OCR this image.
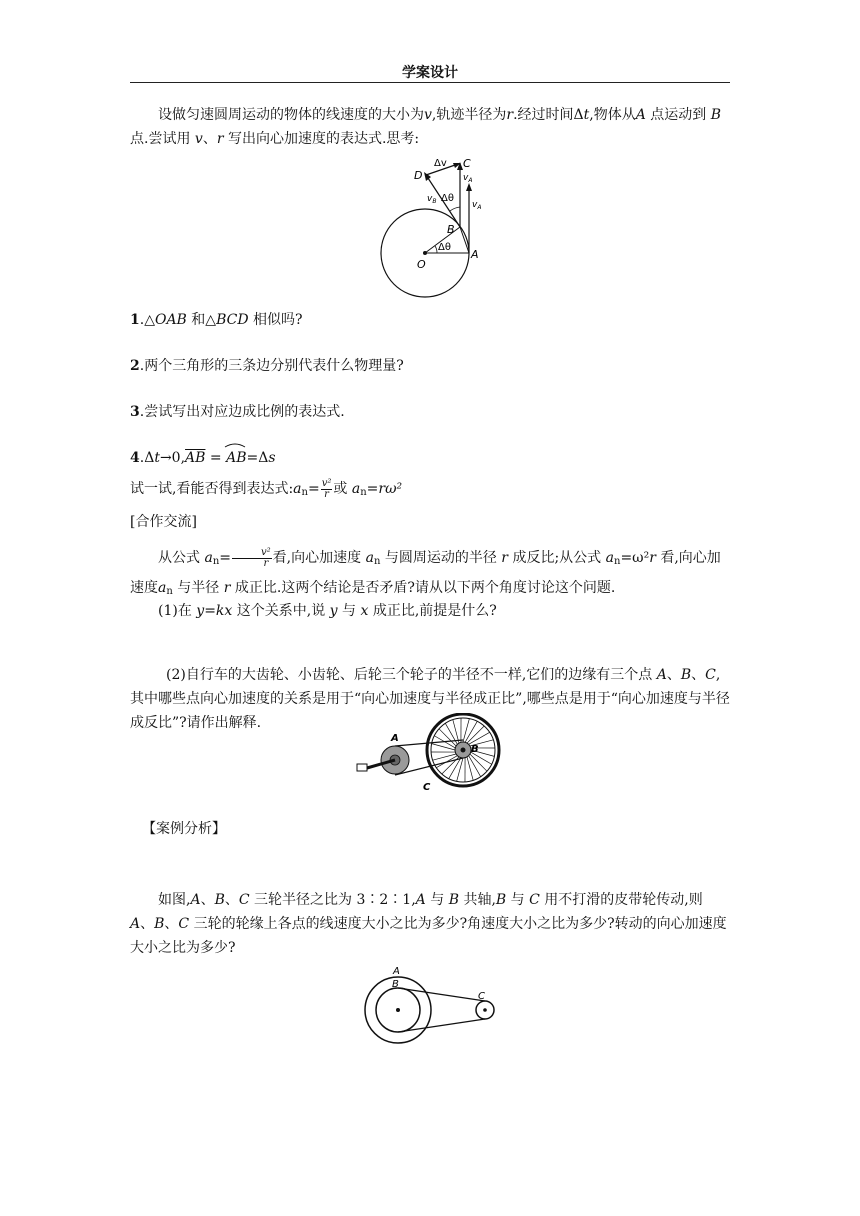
学案设计

设做匀速圆周运动的物体的线速度的大小为v,轨迹半径为r.经过时间Δt,物体从A 点运动到 B 点.尝试用 v、r 写出向心加速度的表达式.思考:

C
D
Δv
$v_A$
$v_B$ Δθ
$v_A$
B
Δθ
O
A

1.△OAB 和△BCD 相似吗?

2.两个三角形的三条边分别代表什么物理量?

3.尝试写出对应边成比例的表达式.

$4.\Delta t\to 0,\overline{AB}$ =
AB=Δs

试一试,看能否得到表达式$:a_n= \frac{\text{v²}}{r}$ 或 $a_n=r\omega^2$

[合作交流]

从公式 $a_n= \frac{\text{v²}}{r}$ 看,向心加速度 $a_n$ 与圆周运动的半径 r 成反比;从公式 $a_n=\omega^2r$ 看,向心加速度$a_n$ 与半径 r 成正比.这两个结论是否矛盾?请从以下两个角度讨论这个问题.

(1)在 y=kx 这个关系中,说 y 与 x 成正比,前提是什么?

(2)自行车的大齿轮、小齿轮、后轮三个轮子的半径不一样,它们的边缘有三个点 A、B、C,其中哪些点向心加速度的关系是用于“向心加速度与半径成正比”,哪些点是用于“向心加速度与半径成反比”?请作出解释.

A
B
C

【案例分析】

如图,A、B、C 三轮半径之比为 3∶2∶1,A 与 B 共轴,B 与 C 用不打滑的皮带轮传动,则 A、B、C 三轮的轮缘上各点的线速度大小之比为多少?角速度大小之比为多少?转动的向心加速度大小之比为多少?

A
B
C
